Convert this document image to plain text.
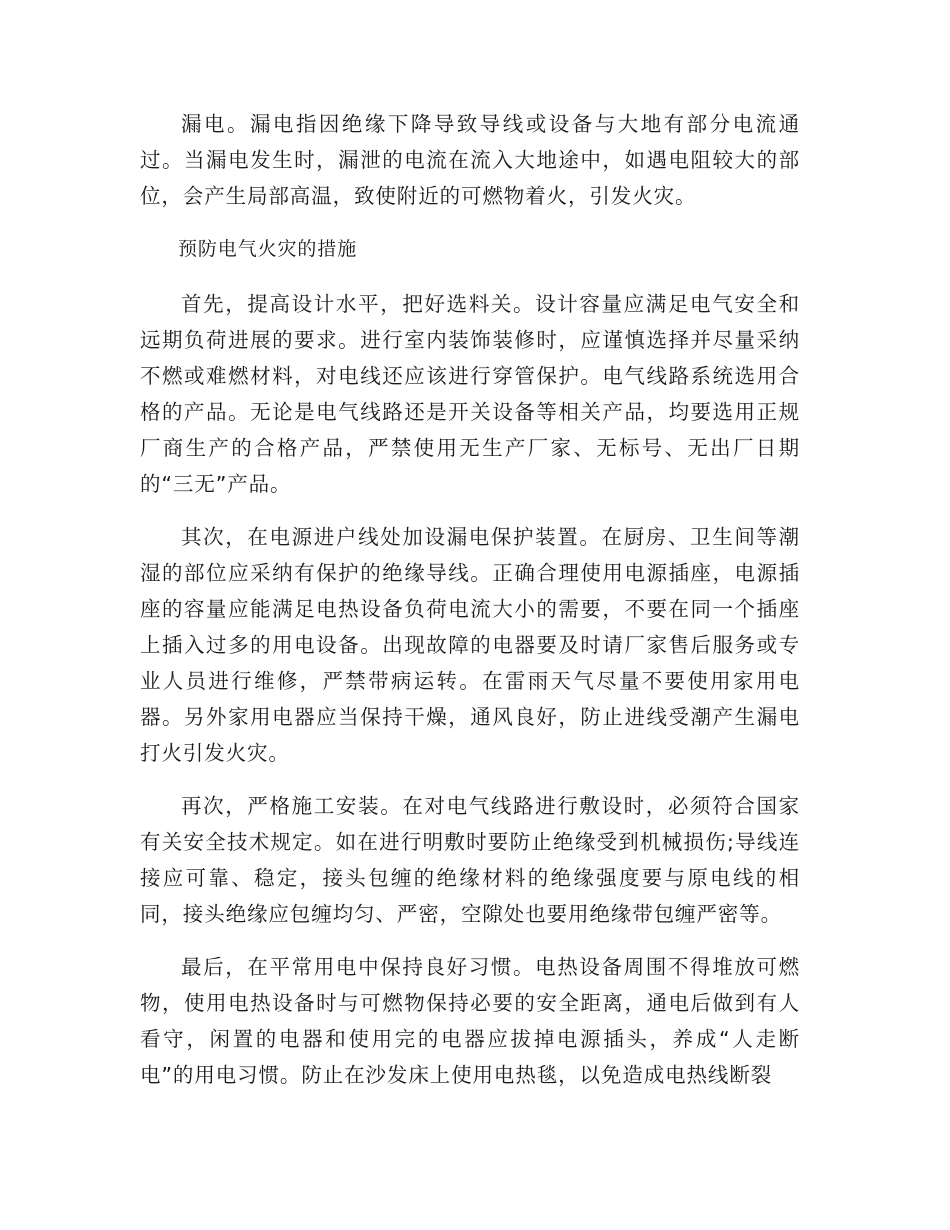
漏电。漏电指因绝缘下降导致导线或设备与大地有部分电流通过。当漏电发生时，漏泄的电流在流入大地途中，如遇电阻较大的部位，会产生局部高温，致使附近的可燃物着火，引发火灾。

预防电气火灾的措施

首先，提高设计水平，把好选料关。设计容量应满足电气安全和远期负荷进展的要求。进行室内装饰装修时，应谨慎选择并尽量采纳不燃或难燃材料，对电线还应该进行穿管保护。电气线路系统选用合格的产品。无论是电气线路还是开关设备等相关产品，均要选用正规厂商生产的合格产品，严禁使用无生产厂家、无标号、无出厂日期的“三无”产品。

其次，在电源进户线处加设漏电保护装置。在厨房、卫生间等潮湿的部位应采纳有保护的绝缘导线。正确合理使用电源插座，电源插座的容量应能满足电热设备负荷电流大小的需要，不要在同一个插座上插入过多的用电设备。出现故障的电器要及时请厂家售后服务或专业人员进行维修，严禁带病运转。在雷雨天气尽量不要使用家用电器。另外家用电器应当保持干燥，通风良好，防止进线受潮产生漏电打火引发火灾。

再次，严格施工安装。在对电气线路进行敷设时，必须符合国家有关安全技术规定。如在进行明敷时要防止绝缘受到机械损伤;导线连接应可靠、稳定，接头包缠的绝缘材料的绝缘强度要与原电线的相同，接头绝缘应包缠均匀、严密，空隙处也要用绝缘带包缠严密等。

最后，在平常用电中保持良好习惯。电热设备周围不得堆放可燃物，使用电热设备时与可燃物保持必要的安全距离，通电后做到有人看守，闲置的电器和使用完的电器应拔掉电源插头，养成“人走断电”的用电习惯。防止在沙发床上使用电热毯，以免造成电热线断裂
